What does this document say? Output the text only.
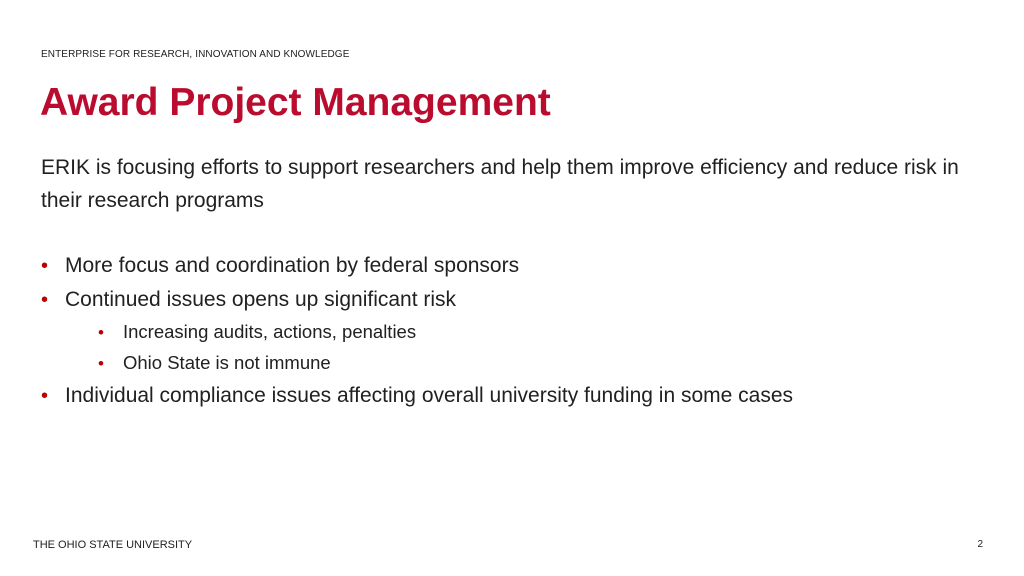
ENTERPRISE FOR RESEARCH, INNOVATION AND KNOWLEDGE
Award Project Management
ERIK is focusing efforts to support researchers and help them improve efficiency and reduce risk in their research programs
• More focus and coordination by federal sponsors
• Continued issues opens up significant risk
•	Increasing audits, actions, penalties
•	Ohio State is not immune
• Individual compliance issues affecting overall university funding in some cases
THE OHIO STATE UNIVERSITY	2
